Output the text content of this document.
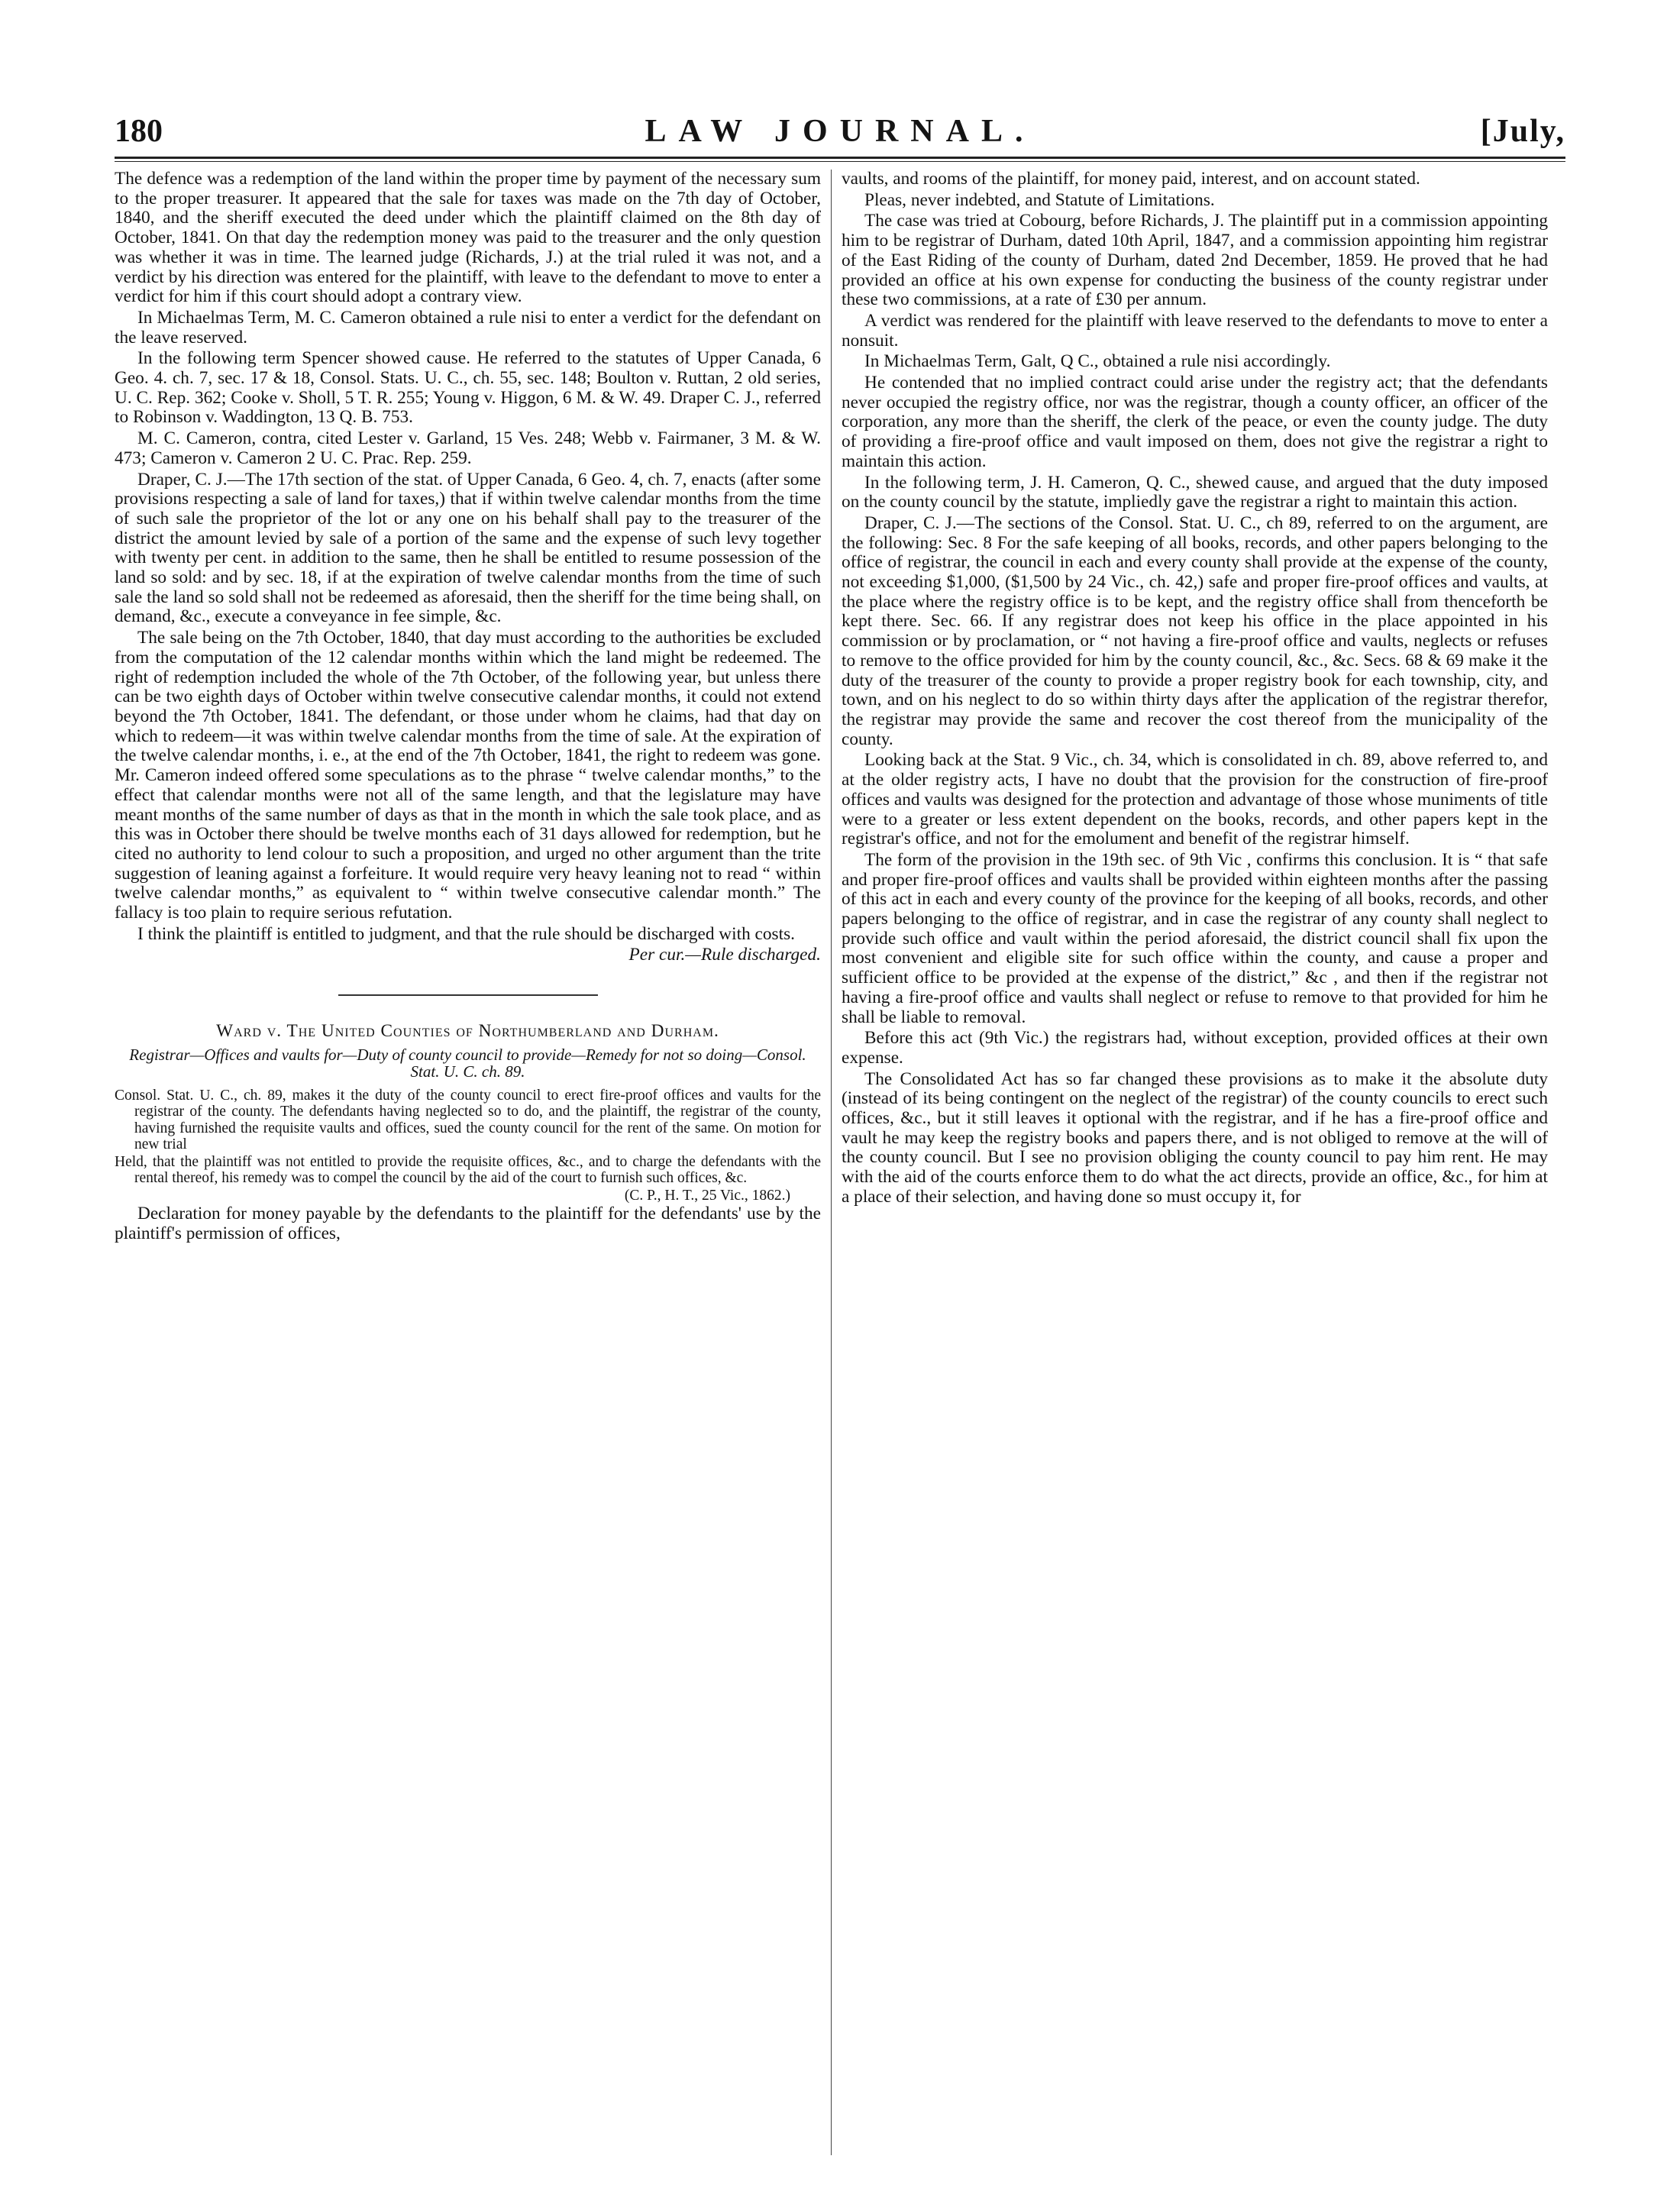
180	LAW JOURNAL.	[July,

The defence was a redemption of the land within the proper time by payment of the necessary sum to the proper treasurer. It appeared that the sale for taxes was made on the 7th day of October, 1840, and the sheriff executed the deed under which the plaintiff claimed on the 8th day of October, 1841. On that day the redemption money was paid to the treasurer and the only question was whether it was in time. The learned judge (Richards, J.) at the trial ruled it was not, and a verdict by his direction was entered for the plaintiff, with leave to the defendant to move to enter a verdict for him if this court should adopt a contrary view.

In Michaelmas Term, M. C. Cameron obtained a rule nisi to enter a verdict for the defendant on the leave reserved.

In the following term Spencer showed cause. He referred to the statutes of Upper Canada, 6 Geo. 4. ch. 7, sec. 17 & 18, Consol. Stats. U. C., ch. 55, sec. 148; Boulton v. Ruttan, 2 old series, U. C. Rep. 362; Cooke v. Sholl, 5 T. R. 255; Young v. Higgon, 6 M. & W. 49. Draper C. J., referred to Robinson v. Waddington, 13 Q. B. 753.

M. C. Cameron, contra, cited Lester v. Garland, 15 Ves. 248; Webb v. Fairmaner, 3 M. & W. 473; Cameron v. Cameron 2 U. C. Prac. Rep. 259.

Draper, C. J.—The 17th section of the stat. of Upper Canada, 6 Geo. 4, ch. 7, enacts (after some provisions respecting a sale of land for taxes,) that if within twelve calendar months from the time of such sale the proprietor of the lot or any one on his behalf shall pay to the treasurer of the district the amount levied by sale of a portion of the same and the expense of such levy together with twenty per cent. in addition to the same, then he shall be entitled to resume possession of the land so sold: and by sec. 18, if at the expiration of twelve calendar months from the time of such sale the land so sold shall not be redeemed as aforesaid, then the sheriff for the time being shall, on demand, &c., execute a conveyance in fee simple, &c.

The sale being on the 7th October, 1840, that day must according to the authorities be excluded from the computation of the 12 calendar months within which the land might be redeemed. The right of redemption included the whole of the 7th October, of the following year, but unless there can be two eighth days of October within twelve consecutive calendar months, it could not extend beyond the 7th October, 1841. The defendant, or those under whom he claims, had that day on which to redeem—it was within twelve calendar months from the time of sale. At the expiration of the twelve calendar months, i. e., at the end of the 7th October, 1841, the right to redeem was gone. Mr. Cameron indeed offered some speculations as to the phrase “ twelve calendar months,” to the effect that calendar months were not all of the same length, and that the legislature may have meant months of the same number of days as that in the month in which the sale took place, and as this was in October there should be twelve months each of 31 days allowed for redemption, but he cited no authority to lend colour to such a proposition, and urged no other argument than the trite suggestion of leaning against a forfeiture. It would require very heavy leaning not to read “ within twelve calendar months,” as equivalent to “ within twelve consecutive calendar month.” The fallacy is too plain to require serious refutation.

I think the plaintiff is entitled to judgment, and that the rule should be discharged with costs.

Per cur.—Rule discharged.

Ward v. The United Counties of Northumberland and Durham.

Registrar—Offices and vaults for—Duty of county council to provide—Remedy for not so doing—Consol. Stat. U. C. ch. 89.

Consol. Stat. U. C., ch. 89, makes it the duty of the county council to erect fire-proof offices and vaults for the registrar of the county. The defendants having neglected so to do, and the plaintiff, the registrar of the county, having furnished the requisite vaults and offices, sued the county council for the rent of the same. On motion for new trial

Held, that the plaintiff was not entitled to provide the requisite offices, &c., and to charge the defendants with the rental thereof, his remedy was to compel the council by the aid of the court to furnish such offices, &c.

(C. P., H. T., 25 Vic., 1862.)

Declaration for money payable by the defendants to the plaintiff for the defendants' use by the plaintiff's permission of offices,

vaults, and rooms of the plaintiff, for money paid, interest, and on account stated.

Pleas, never indebted, and Statute of Limitations.

The case was tried at Cobourg, before Richards, J. The plaintiff put in a commission appointing him to be registrar of Durham, dated 10th April, 1847, and a commission appointing him registrar of the East Riding of the county of Durham, dated 2nd December, 1859. He proved that he had provided an office at his own expense for conducting the business of the county registrar under these two commissions, at a rate of £30 per annum.

A verdict was rendered for the plaintiff with leave reserved to the defendants to move to enter a nonsuit.

In Michaelmas Term, Galt, Q C., obtained a rule nisi accordingly.

He contended that no implied contract could arise under the registry act; that the defendants never occupied the registry office, nor was the registrar, though a county officer, an officer of the corporation, any more than the sheriff, the clerk of the peace, or even the county judge. The duty of providing a fire-proof office and vault imposed on them, does not give the registrar a right to maintain this action.

In the following term, J. H. Cameron, Q. C., shewed cause, and argued that the duty imposed on the county council by the statute, impliedly gave the registrar a right to maintain this action.

Draper, C. J.—The sections of the Consol. Stat. U. C., ch 89, referred to on the argument, are the following: Sec. 8 For the safe keeping of all books, records, and other papers belonging to the office of registrar, the council in each and every county shall provide at the expense of the county, not exceeding $1,000, ($1,500 by 24 Vic., ch. 42,) safe and proper fire-proof offices and vaults, at the place where the registry office is to be kept, and the registry office shall from thenceforth be kept there. Sec. 66. If any registrar does not keep his office in the place appointed in his commission or by proclamation, or “ not having a fire-proof office and vaults, neglects or refuses to remove to the office provided for him by the county council, &c., &c. Secs. 68 & 69 make it the duty of the treasurer of the county to provide a proper registry book for each township, city, and town, and on his neglect to do so within thirty days after the application of the registrar therefor, the registrar may provide the same and recover the cost thereof from the municipality of the county.

Looking back at the Stat. 9 Vic., ch. 34, which is consolidated in ch. 89, above referred to, and at the older registry acts, I have no doubt that the provision for the construction of fire-proof offices and vaults was designed for the protection and advantage of those whose muniments of title were to a greater or less extent dependent on the books, records, and other papers kept in the registrar's office, and not for the emolument and benefit of the registrar himself.

The form of the provision in the 19th sec. of 9th Vic , confirms this conclusion. It is “ that safe and proper fire-proof offices and vaults shall be provided within eighteen months after the passing of this act in each and every county of the province for the keeping of all books, records, and other papers belonging to the office of registrar, and in case the registrar of any county shall neglect to provide such office and vault within the period aforesaid, the district council shall fix upon the most convenient and eligible site for such office within the county, and cause a proper and sufficient office to be provided at the expense of the district,” &c , and then if the registrar not having a fire-proof office and vaults shall neglect or refuse to remove to that provided for him he shall be liable to removal.

Before this act (9th Vic.) the registrars had, without exception, provided offices at their own expense.

The Consolidated Act has so far changed these provisions as to make it the absolute duty (instead of its being contingent on the neglect of the registrar) of the county councils to erect such offices, &c., but it still leaves it optional with the registrar, and if he has a fire-proof office and vault he may keep the registry books and papers there, and is not obliged to remove at the will of the county council. But I see no provision obliging the county council to pay him rent. He may with the aid of the courts enforce them to do what the act directs, provide an office, &c., for him at a place of their selection, and having done so must occupy it, for
